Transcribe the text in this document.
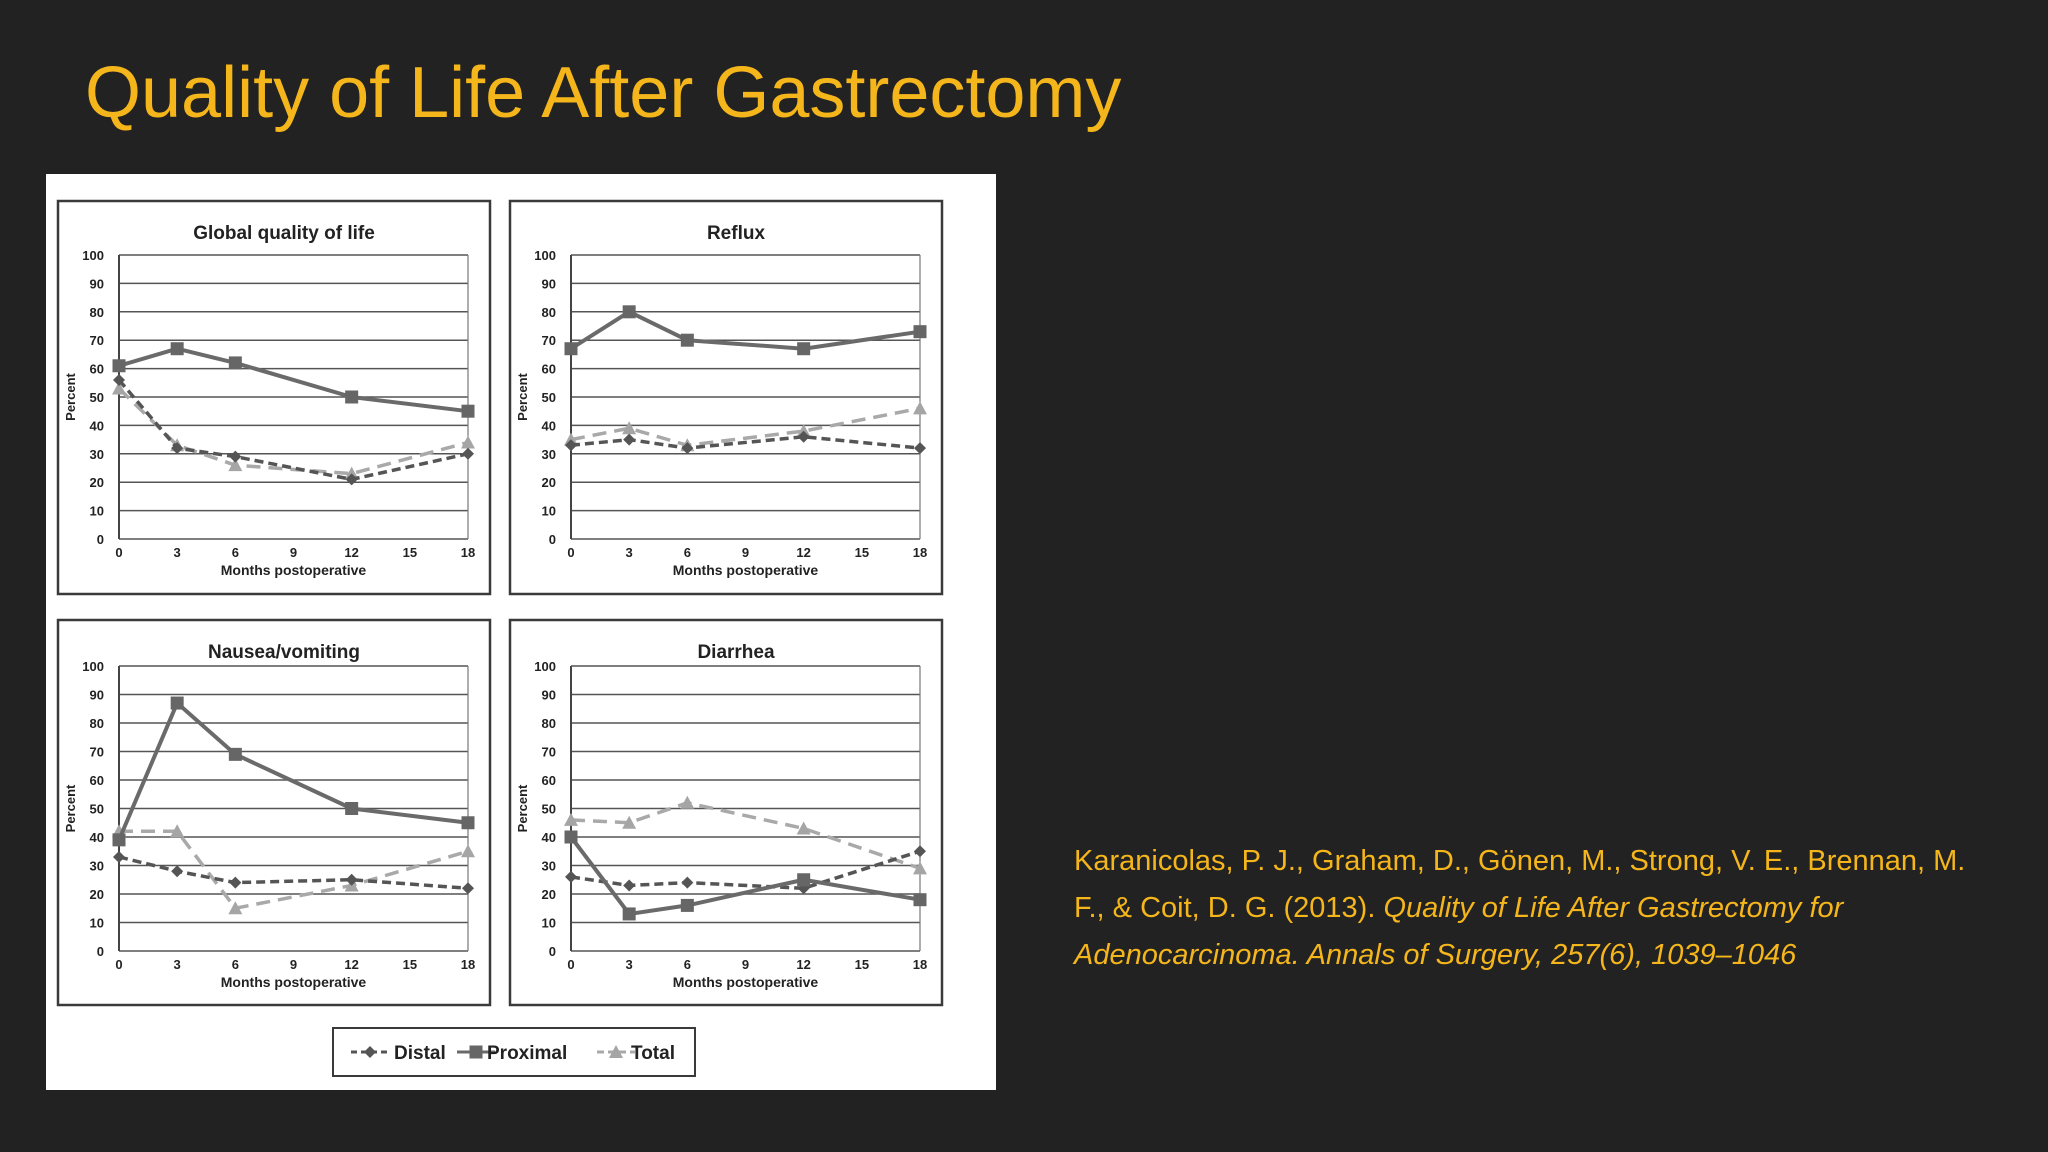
Quality of Life After Gastrectomy
Global quality of life
0
10
20
30
40
50
60
70
80
90
100
0	3	6	9	12	15	18
Months postoperative
Percent
Reflux
0
10
20
30
40
50
60
70
80
90
100
0	3	6	9	12	15	18
Months postoperative
Percent
Nausea/vomiting
0
10
20
30
40
50
60
70
80
90
100
0	3	6	9	12	15	18
Months postoperative
Percent
Diarrhea
0
10
20
30
40
50
60
70
80
90
100
0	3	6	9	12	15	18
Months postoperative
Percent
Distal Proximal	Total
Karanicolas, P. J., Graham, D., Gönen, M., Strong, V. E., Brennan, M. F., & Coit, D. G. (2013). Quality of Life After Gastrectomy for Adenocarcinoma. Annals of Surgery, 257(6), 1039–1046
